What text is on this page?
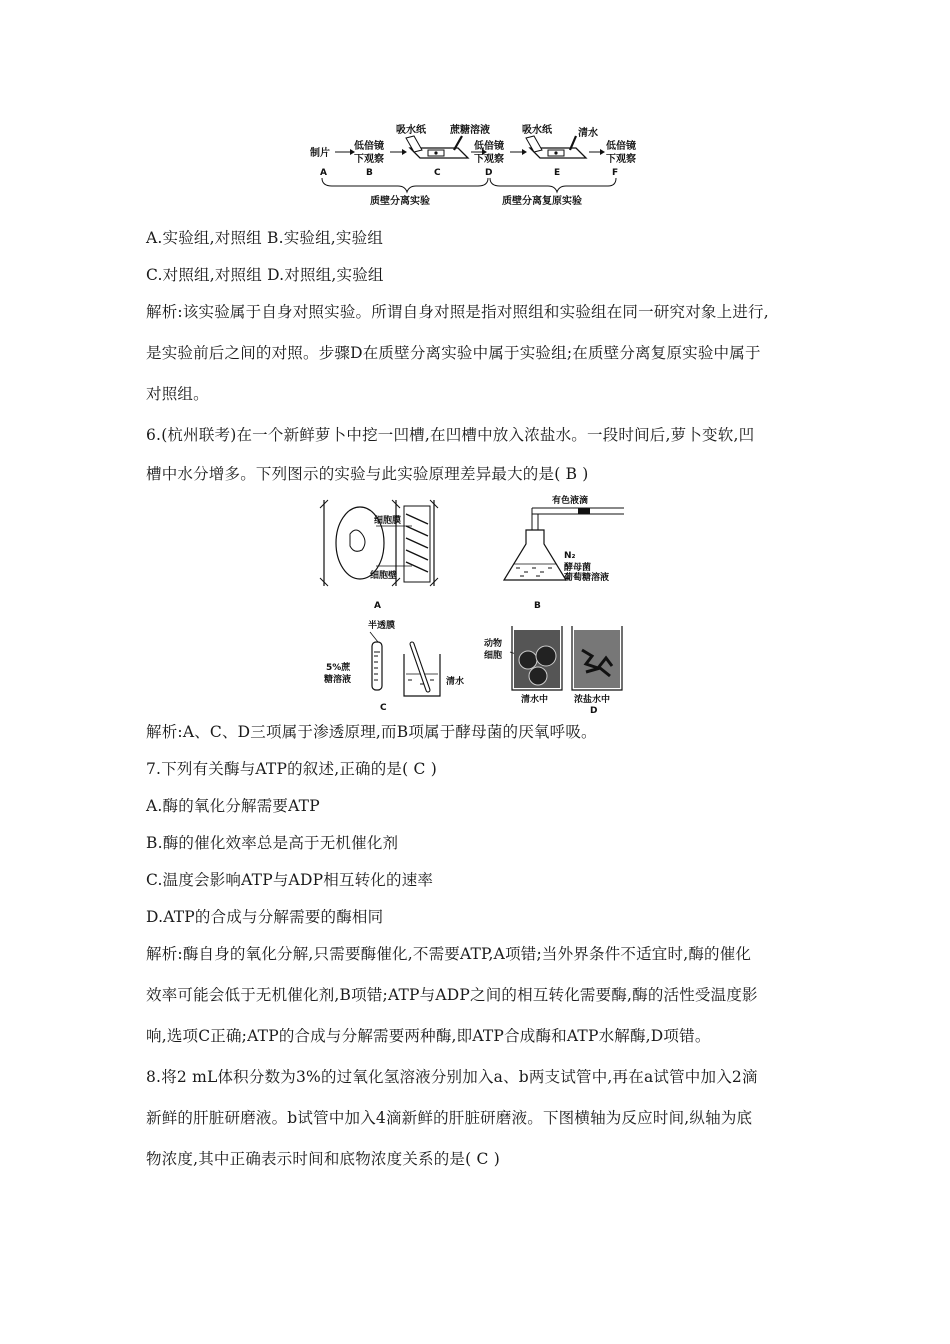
制片
低倍镜
下观察
吸水纸 蔗糖溶液
低倍镜
下观察
吸水纸	清水
低倍镜
下观察
A	B	C	D	E	F
质壁分离实验	质壁分离复原实验
A.实验组,对照组 B.实验组,实验组
C.对照组,对照组 D.对照组,实验组
解析:该实验属于自身对照实验。所谓自身对照是指对照组和实验组在同一研究对象上进行,
是实验前后之间的对照。步骤D在质壁分离实验中属于实验组;在质壁分离复原实验中属于
对照组。
6.(杭州联考)在一个新鲜萝卜中挖一凹槽,在凹槽中放入浓盐水。一段时间后,萝卜变软,凹
槽中水分增多。下列图示的实验与此实验原理差异最大的是( B )
细胞膜
细胞壁
A
有色液滴
N₂
酵母菌
葡萄糖溶液
B
半透膜
5%蔗
糖溶液	清水
C
动物
细胞
清水中	浓盐水中
D
解析:A、C、D三项属于渗透原理,而B项属于酵母菌的厌氧呼吸。
7.下列有关酶与ATP的叙述,正确的是( C )
A.酶的氧化分解需要ATP
B.酶的催化效率总是高于无机催化剂
C.温度会影响ATP与ADP相互转化的速率
D.ATP的合成与分解需要的酶相同
解析:酶自身的氧化分解,只需要酶催化,不需要ATP,A项错;当外界条件不适宜时,酶的催化
效率可能会低于无机催化剂,B项错;ATP与ADP之间的相互转化需要酶,酶的活性受温度影
响,选项C正确;ATP的合成与分解需要两种酶,即ATP合成酶和ATP水解酶,D项错。
8.将2 mL体积分数为3%的过氧化氢溶液分别加入a、b两支试管中,再在a试管中加入2滴
新鲜的肝脏研磨液。b试管中加入4滴新鲜的肝脏研磨液。下图横轴为反应时间,纵轴为底
物浓度,其中正确表示时间和底物浓度关系的是( C )
